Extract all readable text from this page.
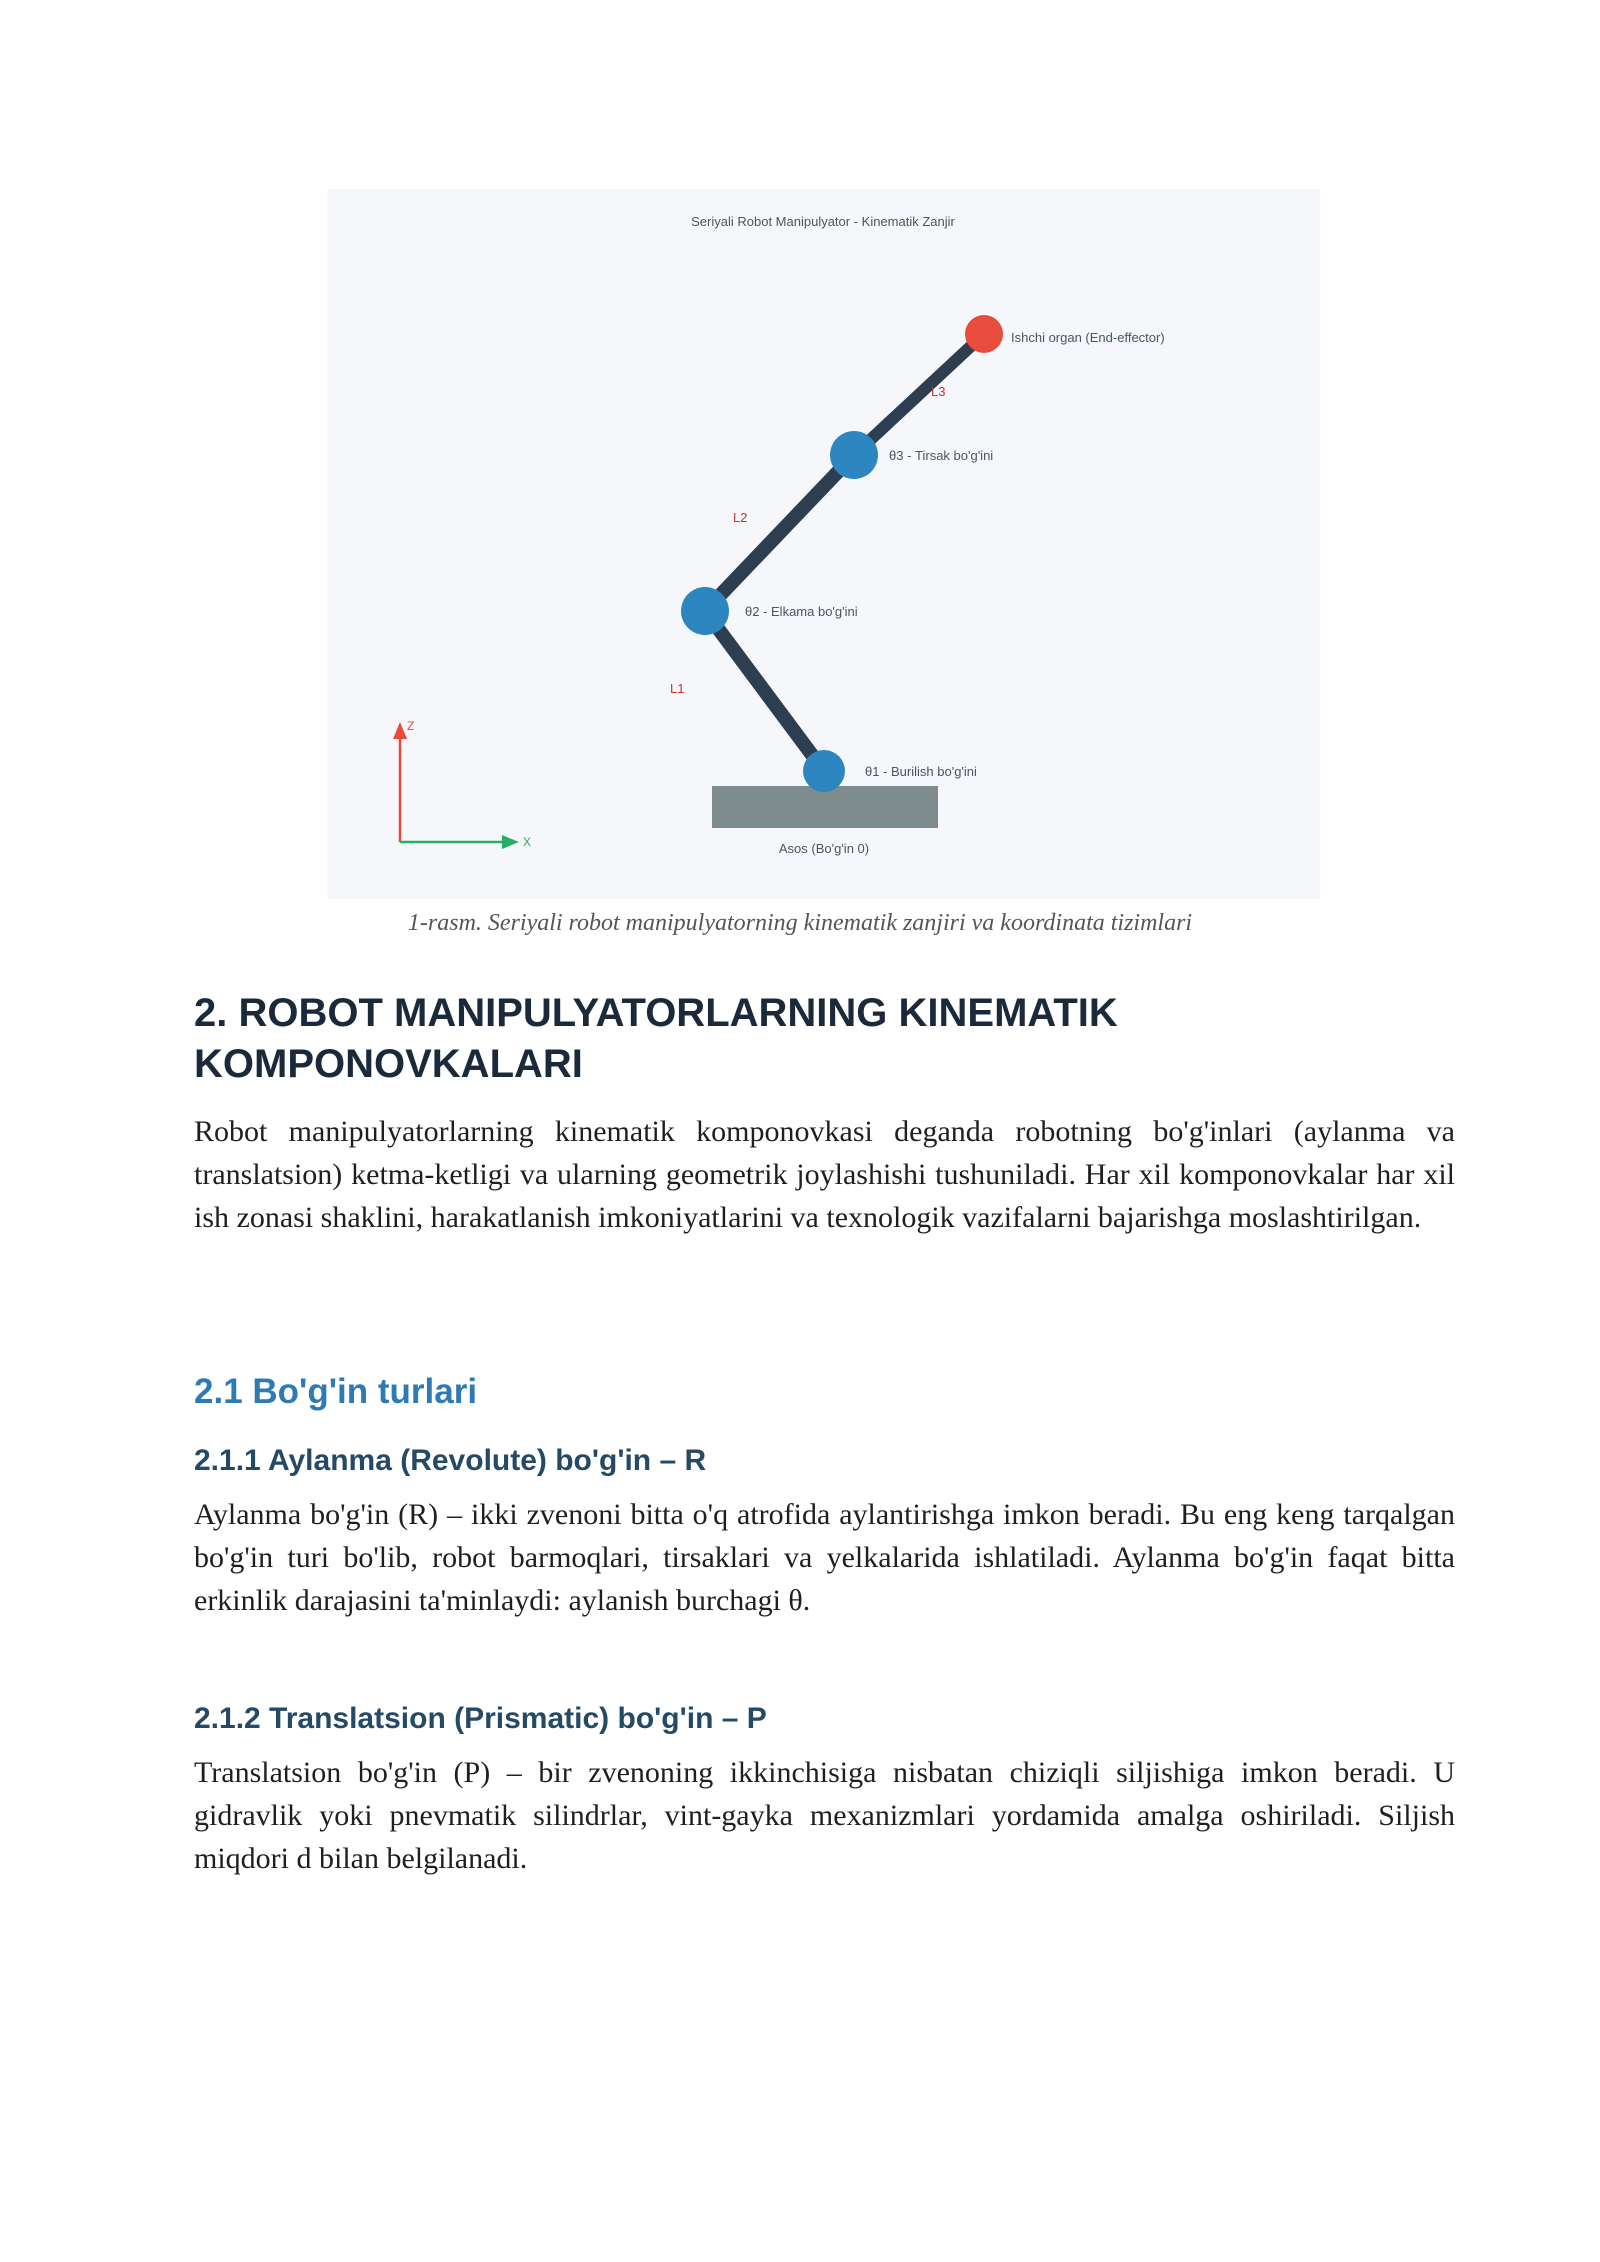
Seriyali Robot Manipulyator - Kinematik Zanjir
Asos (Bo'g'in 0)
L1
L2
L3
θ1 - Burilish bo'g'ini
θ2 - Elkama bo'g'ini
θ3 - Tirsak bo'g'ini
Ishchi organ (End-effector)
Z
X
1-rasm. Seriyali robot manipulyatorning kinematik zanjiri va koordinata tizimlari
2. ROBOT MANIPULYATORLARNING KINEMATIK KOMPONOVKALARI

Robot manipulyatorlarning kinematik komponovkasi deganda robotning bo'g'inlari (aylanma va translatsion) ketma-ketligi va ularning geometrik joylashishi tushuniladi. Har xil komponovkalar har xil ish zonasi shaklini, harakatlanish imkoniyatlarini va texnologik vazifalarni bajarishga moslashtirilgan.

2.1 Bo'g'in turlari
2.1.1 Aylanma (Revolute) bo'g'in – R

Aylanma bo'g'in (R) – ikki zvenoni bitta o'q atrofida aylantirishga imkon beradi. Bu eng keng tarqalgan bo'g'in turi bo'lib, robot barmoqlari, tirsaklari va yelkalarida ishlatiladi. Aylanma bo'g'in faqat bitta erkinlik darajasini ta'minlaydi: aylanish burchagi θ.

2.1.2 Translatsion (Prismatic) bo'g'in – P

Translatsion bo'g'in (P) – bir zvenoning ikkinchisiga nisbatan chiziqli siljishiga imkon beradi. U gidravlik yoki pnevmatik silindrlar, vint-gayka mexanizmlari yordamida amalga oshiriladi. Siljish miqdori d bilan belgilanadi.
